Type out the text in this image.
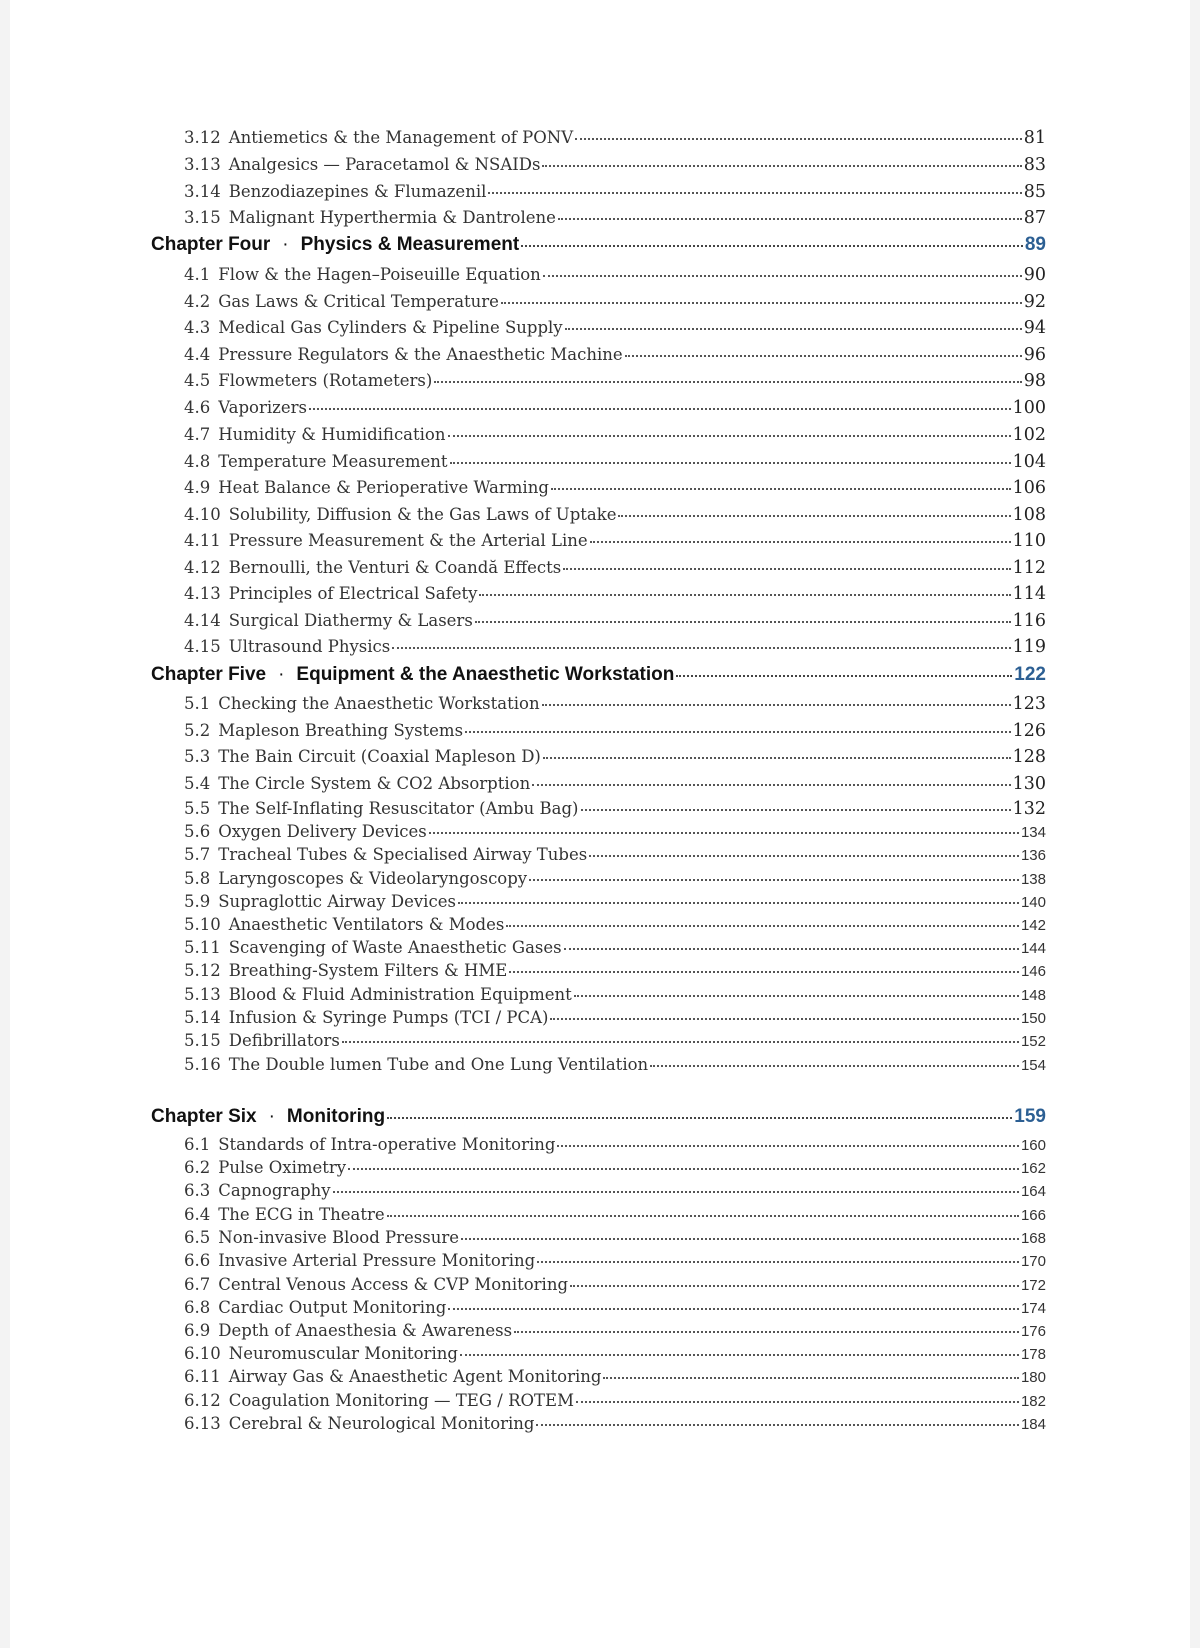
3.12 Antiemetics & the Management of PONV	81
3.13 Analgesics — Paracetamol & NSAIDs	83
3.14 Benzodiazepines & Flumazenil	85
3.15 Malignant Hyperthermia & Dantrolene	87
Chapter Four · Physics & Measurement	89
4.1 Flow & the Hagen–Poiseuille Equation	90
4.2 Gas Laws & Critical Temperature	92
4.3 Medical Gas Cylinders & Pipeline Supply	94
4.4 Pressure Regulators & the Anaesthetic Machine	96
4.5 Flowmeters (Rotameters)	98
4.6 Vaporizers	100
4.7 Humidity & Humidification	102
4.8 Temperature Measurement	104
4.9 Heat Balance & Perioperative Warming	106
4.10 Solubility, Diffusion & the Gas Laws of Uptake	108
4.11 Pressure Measurement & the Arterial Line	110
4.12 Bernoulli, the Venturi & Coandă Effects	112
4.13 Principles of Electrical Safety	114
4.14 Surgical Diathermy & Lasers	116
4.15 Ultrasound Physics	119
Chapter Five · Equipment & the Anaesthetic Workstation	122
5.1 Checking the Anaesthetic Workstation	123
5.2 Mapleson Breathing Systems	126
5.3 The Bain Circuit (Coaxial Mapleson D)	128
5.4 The Circle System & CO2 Absorption	130
5.5 The Self-Inflating Resuscitator (Ambu Bag)	132
5.6 Oxygen Delivery Devices	134
5.7 Tracheal Tubes & Specialised Airway Tubes	136
5.8 Laryngoscopes & Videolaryngoscopy	138
5.9 Supraglottic Airway Devices	140
5.10 Anaesthetic Ventilators & Modes	142
5.11 Scavenging of Waste Anaesthetic Gases	144
5.12 Breathing-System Filters & HME	146
5.13 Blood & Fluid Administration Equipment	148
5.14 Infusion & Syringe Pumps (TCI / PCA)	150
5.15 Defibrillators	152
5.16 The Double lumen Tube and One Lung Ventilation	154
Chapter Six · Monitoring	159
6.1 Standards of Intra-operative Monitoring	160
6.2 Pulse Oximetry	162
6.3 Capnography	164
6.4 The ECG in Theatre	166
6.5 Non-invasive Blood Pressure	168
6.6 Invasive Arterial Pressure Monitoring	170
6.7 Central Venous Access & CVP Monitoring	172
6.8 Cardiac Output Monitoring	174
6.9 Depth of Anaesthesia & Awareness	176
6.10 Neuromuscular Monitoring	178
6.11 Airway Gas & Anaesthetic Agent Monitoring	180
6.12 Coagulation Monitoring — TEG / ROTEM	182
6.13 Cerebral & Neurological Monitoring	184
